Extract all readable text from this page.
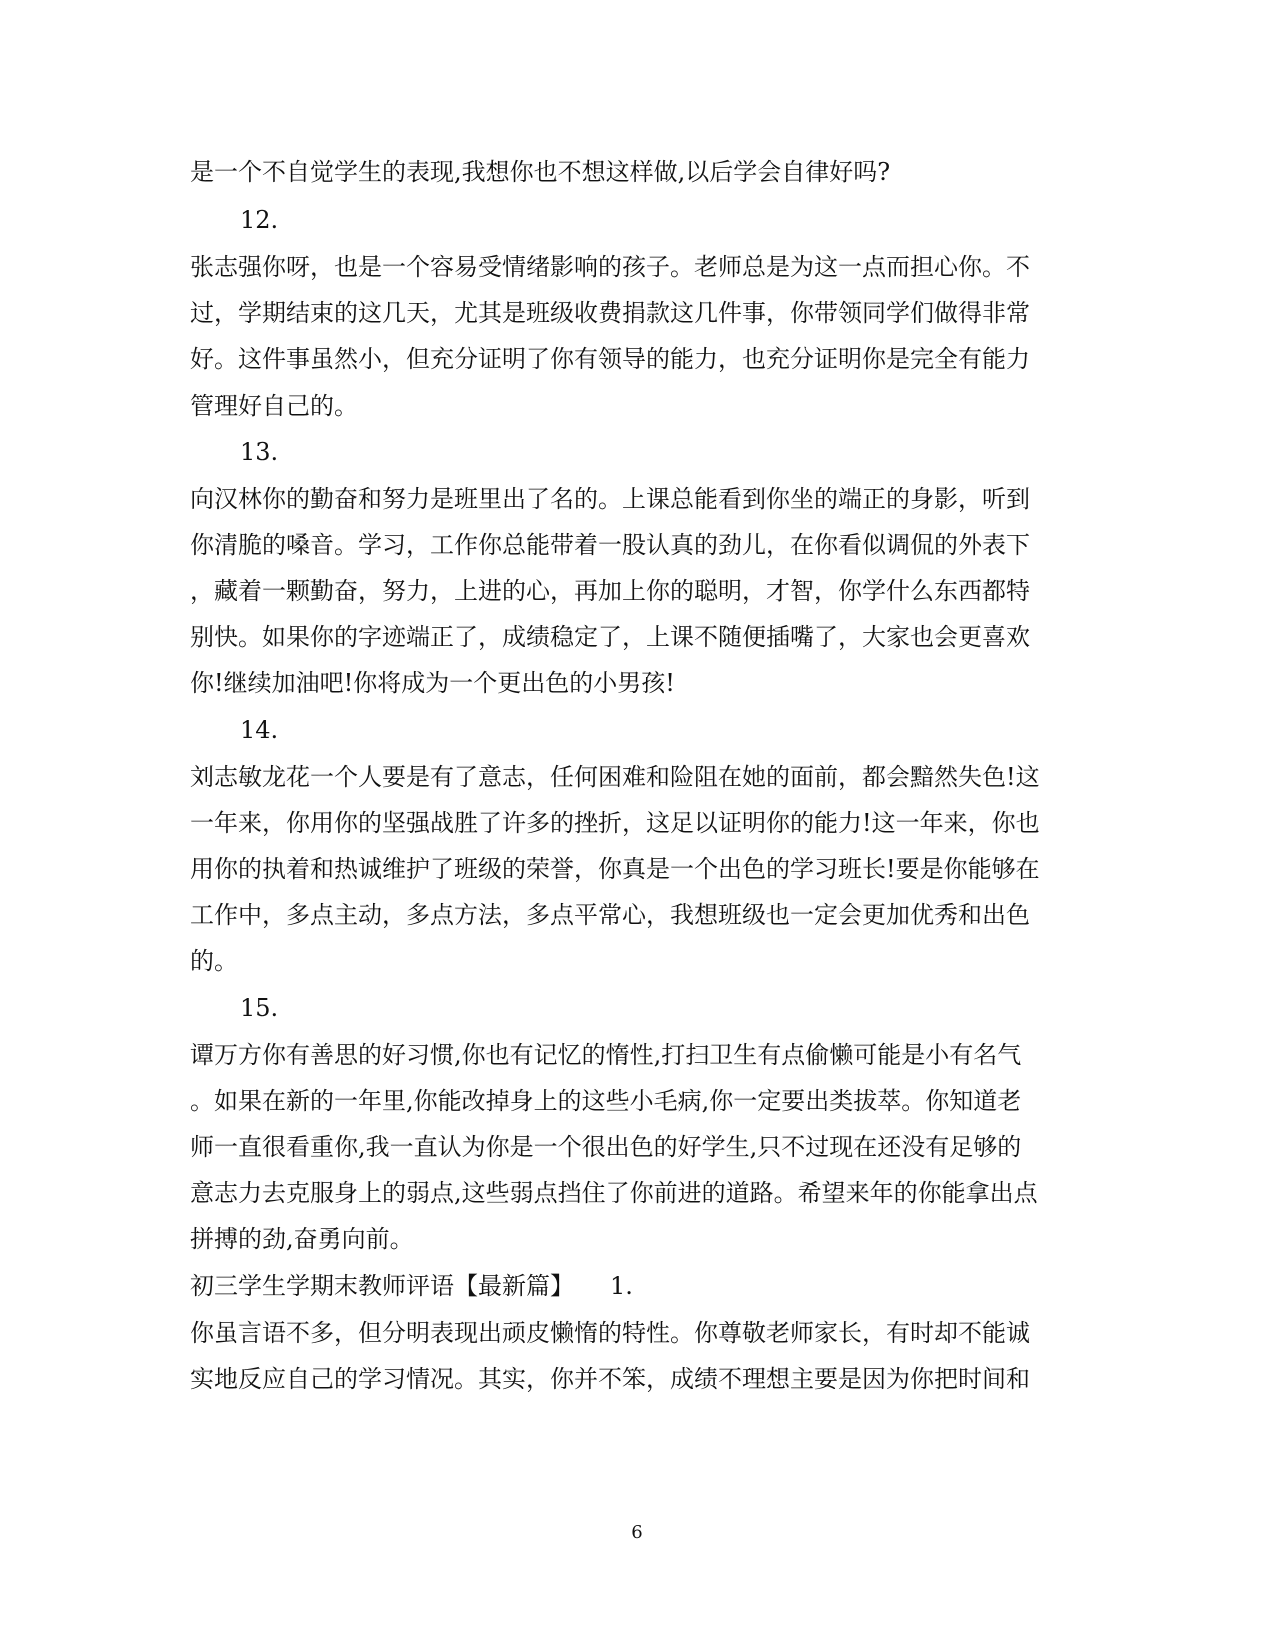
是一个不自觉学生的表现,我想你也不想这样做,以后学会自律好吗?
12.
张志强你呀，也是一个容易受情绪影响的孩子。老师总是为这一点而担心你。不
过，学期结束的这几天，尤其是班级收费捐款这几件事，你带领同学们做得非常
好。这件事虽然小，但充分证明了你有领导的能力，也充分证明你是完全有能力
管理好自己的。
13.
向汉林你的勤奋和努力是班里出了名的。上课总能看到你坐的端正的身影，听到
你清脆的嗓音。学习，工作你总能带着一股认真的劲儿，在你看似调侃的外表下
，藏着一颗勤奋，努力，上进的心，再加上你的聪明，才智，你学什么东西都特
别快。如果你的字迹端正了，成绩稳定了，上课不随便插嘴了，大家也会更喜欢
你!继续加油吧!你将成为一个更出色的小男孩!
14.
刘志敏龙花一个人要是有了意志，任何困难和险阻在她的面前，都会黯然失色!这
一年来，你用你的坚强战胜了许多的挫折，这足以证明你的能力!这一年来，你也
用你的执着和热诚维护了班级的荣誉，你真是一个出色的学习班长!要是你能够在
工作中，多点主动，多点方法，多点平常心，我想班级也一定会更加优秀和出色
的。
15.
谭万方你有善思的好习惯,你也有记忆的惰性,打扫卫生有点偷懒可能是小有名气
。如果在新的一年里,你能改掉身上的这些小毛病,你一定要出类拔萃。你知道老
师一直很看重你,我一直认为你是一个很出色的好学生,只不过现在还没有足够的
意志力去克服身上的弱点,这些弱点挡住了你前进的道路。希望来年的你能拿出点
拼搏的劲,奋勇向前。
初三学生学期末教师评语【最新篇】　　1.
你虽言语不多，但分明表现出顽皮懒惰的特性。你尊敬老师家长，有时却不能诚
实地反应自己的学习情况。其实，你并不笨，成绩不理想主要是因为你把时间和
6
